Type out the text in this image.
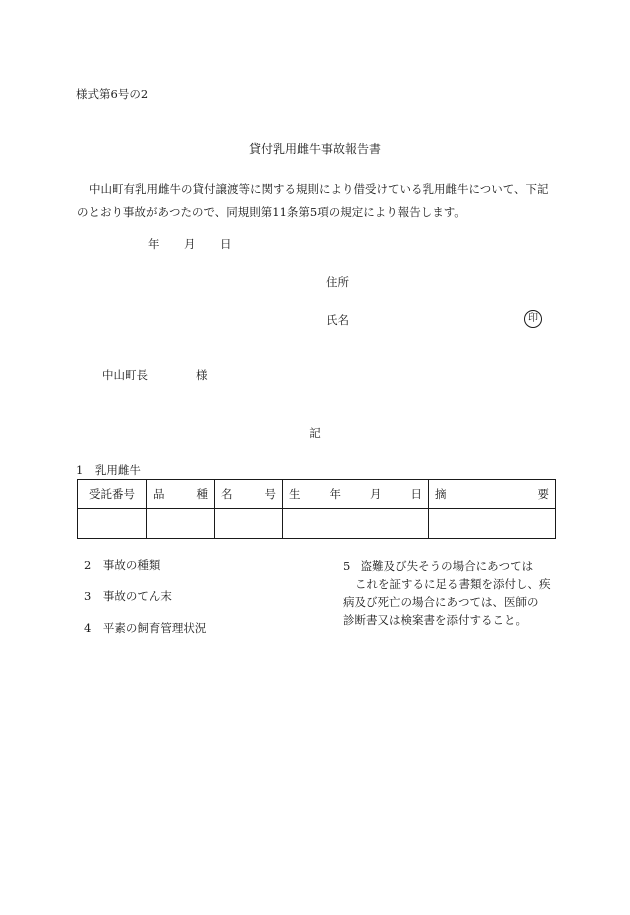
様式第6号の2
貸付乳用雌牛事故報告書
中山町有乳用雌牛の貸付譲渡等に関する規則により借受けている乳用雌牛について、下記のとおり事故があつたので、同規則第11条第5項の規定により報告します。
年 月 日
住所
氏名	印
中山町長	様
記
1　乳用雌牛
受託番号	品 種	名 号	生 年 月 日	摘 要

2　事故の種類
3　事故のてん末
4　平素の飼育管理状況
5 盗難及び失そうの場合にあつては
これを証するに足る書類を添付し、疾
病及び死亡の場合にあつては、医師の
診断書又は検案書を添付すること。
